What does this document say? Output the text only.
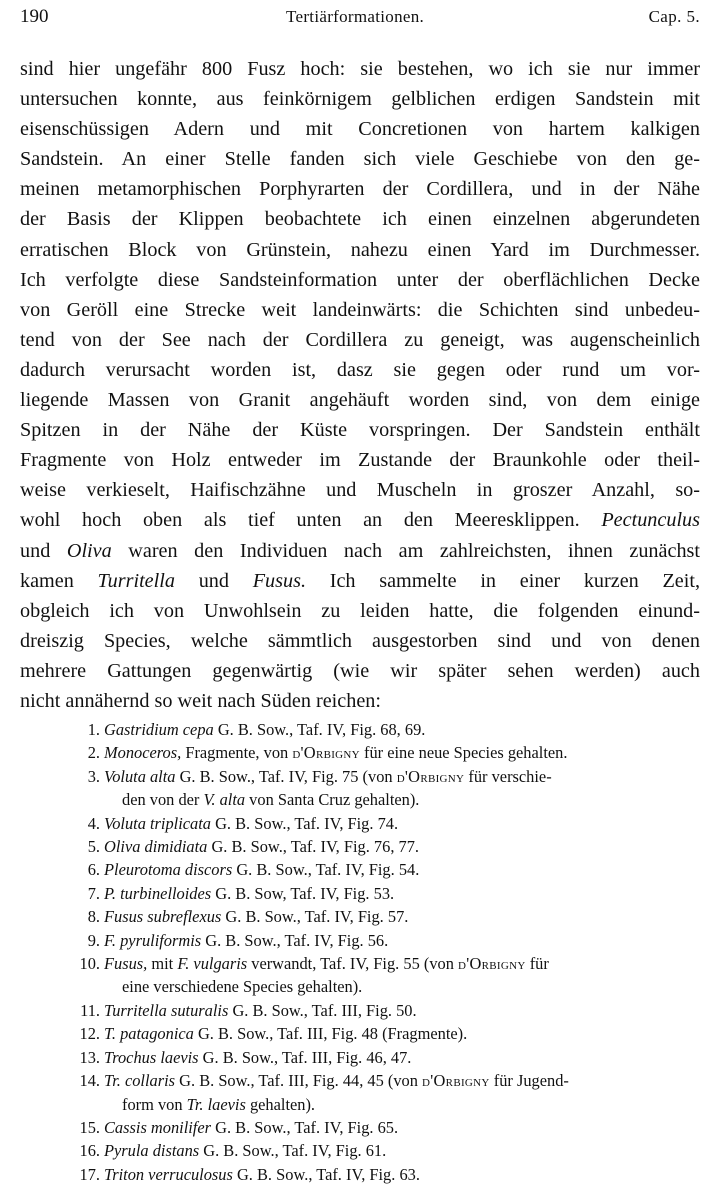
190	Tertiärformationen.	Cap. 5.
sind hier ungefähr 800 Fusz hoch: sie bestehen, wo ich sie nur immer
untersuchen konnte, aus feinkörnigem gelblichen erdigen Sandstein mit
eisenschüssigen Adern und mit Concretionen von hartem kalkigen
Sandstein. An einer Stelle fanden sich viele Geschiebe von den ge-
meinen metamorphischen Porphyrarten der Cordillera, und in der Nähe
der Basis der Klippen beobachtete ich einen einzelnen abgerundeten
erratischen Block von Grünstein, nahezu einen Yard im Durchmesser.
Ich verfolgte diese Sandsteinformation unter der oberflächlichen Decke
von Geröll eine Strecke weit landeinwärts: die Schichten sind unbedeu-
tend von der See nach der Cordillera zu geneigt, was augenscheinlich
dadurch verursacht worden ist, dasz sie gegen oder rund um vor-
liegende Massen von Granit angehäuft worden sind, von dem einige
Spitzen in der Nähe der Küste vorspringen. Der Sandstein enthält
Fragmente von Holz entweder im Zustande der Braunkohle oder theil-
weise verkieselt, Haifischzähne und Muscheln in groszer Anzahl, so-
wohl hoch oben als tief unten an den Meeresklippen. Pectunculus
und Oliva waren den Individuen nach am zahlreichsten, ihnen zunächst
kamen Turritella und Fusus. Ich sammelte in einer kurzen Zeit,
obgleich ich von Unwohlsein zu leiden hatte, die folgenden einund-
dreiszig Species, welche sämmtlich ausgestorben sind und von denen
mehrere Gattungen gegenwärtig (wie wir später sehen werden) auch
nicht annähernd so weit nach Süden reichen:
1. Gastridium cepa G. B. Sow., Taf. IV, Fig. 68, 69.
2. Monoceros, Fragmente, von d'Orbigny für eine neue Species gehalten.
3. Voluta alta G. B. Sow., Taf. IV, Fig. 75 (von d'Orbigny für verschie-
den von der V. alta von Santa Cruz gehalten).
4. Voluta triplicata G. B. Sow., Taf. IV, Fig. 74.
5. Oliva dimidiata G. B. Sow., Taf. IV, Fig. 76, 77.
6. Pleurotoma discors G. B. Sow., Taf. IV, Fig. 54.
7. P. turbinelloides G. B. Sow, Taf. IV, Fig. 53.
8. Fusus subreflexus G. B. Sow., Taf. IV, Fig. 57.
9. F. pyruliformis G. B. Sow., Taf. IV, Fig. 56.
10. Fusus, mit F. vulgaris verwandt, Taf. IV, Fig. 55 (von d'Orbigny für
eine verschiedene Species gehalten).
11. Turritella suturalis G. B. Sow., Taf. III, Fig. 50.
12. T. patagonica G. B. Sow., Taf. III, Fig. 48 (Fragmente).
13. Trochus laevis G. B. Sow., Taf. III, Fig. 46, 47.
14. Tr. collaris G. B. Sow., Taf. III, Fig. 44, 45 (von d'Orbigny für Jugend-
form von Tr. laevis gehalten).
15. Cassis monilifer G. B. Sow., Taf. IV, Fig. 65.
16. Pyrula distans G. B. Sow., Taf. IV, Fig. 61.
17. Triton verruculosus G. B. Sow., Taf. IV, Fig. 63.
